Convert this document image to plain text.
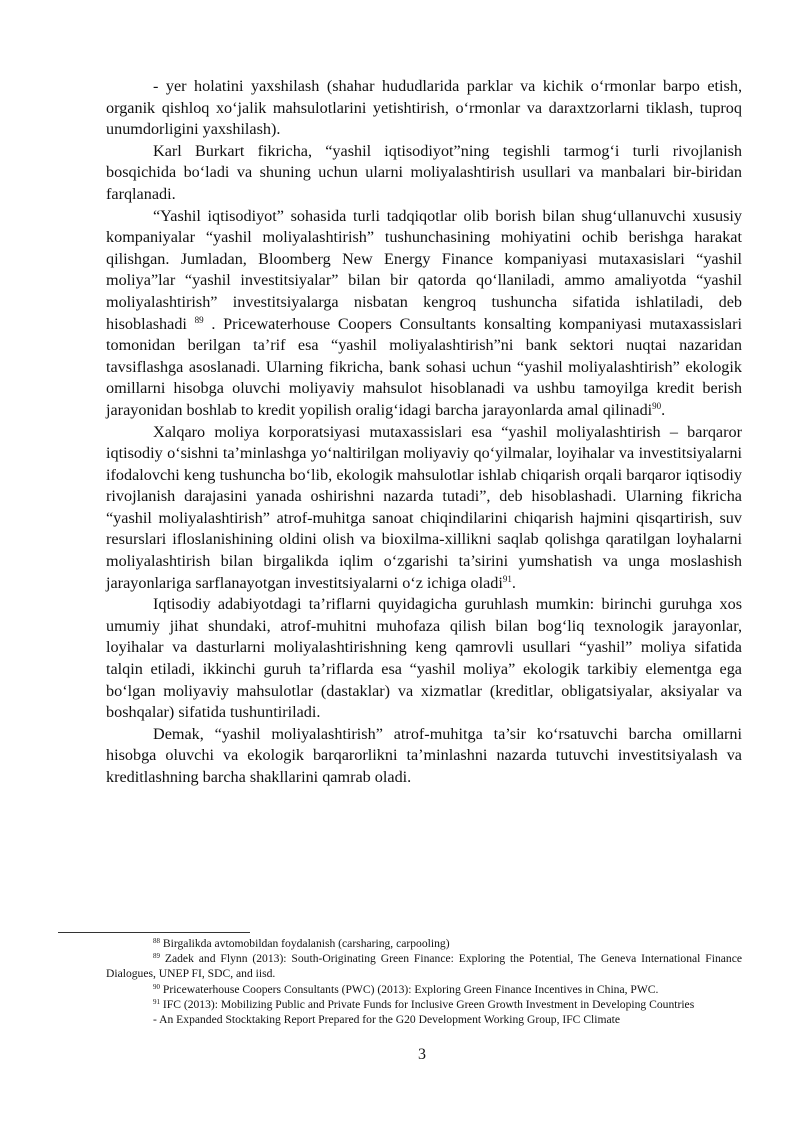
- yer holatini yaxshilash (shahar hududlarida parklar va kichik o‘rmonlar barpo etish, organik qishloq xo‘jalik mahsulotlarini yetishtirish, o‘rmonlar va daraxtzorlarni tiklash, tuproq unumdorligini yaxshilash).

Karl Burkart fikricha, “yashil iqtisodiyot”ning tegishli tarmog‘i turli rivojlanish bosqichida bo‘ladi va shuning uchun ularni moliyalashtirish usullari va manbalari bir-biridan farqlanadi.

“Yashil iqtisodiyot” sohasida turli tadqiqotlar olib borish bilan shug‘ullanuvchi xususiy kompaniyalar “yashil moliyalashtirish” tushunchasining mohiyatini ochib berishga harakat qilishgan. Jumladan, Bloomberg New Energy Finance kompaniyasi mutaxasislari “yashil moliya”lar “yashil investitsiyalar” bilan bir qatorda qo‘llaniladi, ammo amaliyotda “yashil moliyalashtirish” investitsiyalarga nisbatan kengroq tushuncha sifatida ishlatiladi, deb hisoblashadi $^{89}$ . Pricewaterhouse Coopers Consultants konsalting kompaniyasi mutaxassislari tomonidan berilgan ta’rif esa “yashil moliyalashtirish”ni bank sektori nuqtai nazaridan tavsiflashga asoslanadi. Ularning fikricha, bank sohasi uchun “yashil moliyalashtirish” ekologik omillarni hisobga oluvchi moliyaviy mahsulot hisoblanadi va ushbu tamoyilga kredit berish jarayonidan boshlab to kredit yopilish oralig‘idagi barcha jarayonlarda amal qilinadi$^{90}$.

Xalqaro moliya korporatsiyasi mutaxassislari esa “yashil moliyalashtirish – barqaror iqtisodiy o‘sishni ta’minlashga yo‘naltirilgan moliyaviy qo‘yilmalar, loyihalar va investitsiyalarni ifodalovchi keng tushuncha bo‘lib, ekologik mahsulotlar ishlab chiqarish orqali barqaror iqtisodiy rivojlanish darajasini yanada oshirishni nazarda tutadi”, deb hisoblashadi. Ularning fikricha “yashil moliyalashtirish” atrof-muhitga sanoat chiqindilarini chiqarish hajmini qisqartirish, suv resurslari ifloslanishining oldini olish va bioxilma-xillikni saqlab qolishga qaratilgan loyhalarni moliyalashtirish bilan birgalikda iqlim o‘zgarishi ta’sirini yumshatish va unga moslashish jarayonlariga sarflanayotgan investitsiyalarni o‘z ichiga oladi$^{91}$.

Iqtisodiy adabiyotdagi ta’riflarni quyidagicha guruhlash mumkin: birinchi guruhga xos umumiy jihat shundaki, atrof-muhitni muhofaza qilish bilan bog‘liq texnologik jarayonlar, loyihalar va dasturlarni moliyalashtirishning keng qamrovli usullari “yashil” moliya sifatida talqin etiladi, ikkinchi guruh ta’riflarda esa “yashil moliya” ekologik tarkibiy elementga ega bo‘lgan moliyaviy mahsulotlar (dastaklar) va xizmatlar (kreditlar, obligatsiyalar, aksiyalar va boshqalar) sifatida tushuntiriladi.

Demak, “yashil moliyalashtirish” atrof-muhitga ta’sir ko‘rsatuvchi barcha omillarni hisobga oluvchi va ekologik barqarorlikni ta’minlashni nazarda tutuvchi investitsiyalash va kreditlashning barcha shakllarini qamrab oladi.

$^{88}$ Birgalikda avtomobildan foydalanish (carsharing, carpooling)

$^{89}$ Zadek and Flynn (2013): South-Originating Green Finance: Exploring the Potential, The Geneva International Finance Dialogues, UNEP FI, SDC, and iisd.

$^{90}$ Pricewaterhouse Coopers Consultants (PWC) (2013): Exploring Green Finance Incentives in China, PWC.

$^{91}$ IFC (2013): Mobilizing Public and Private Funds for Inclusive Green Growth Investment in Developing Countries

- An Expanded Stocktaking Report Prepared for the G20 Development Working Group, IFC Climate

3
